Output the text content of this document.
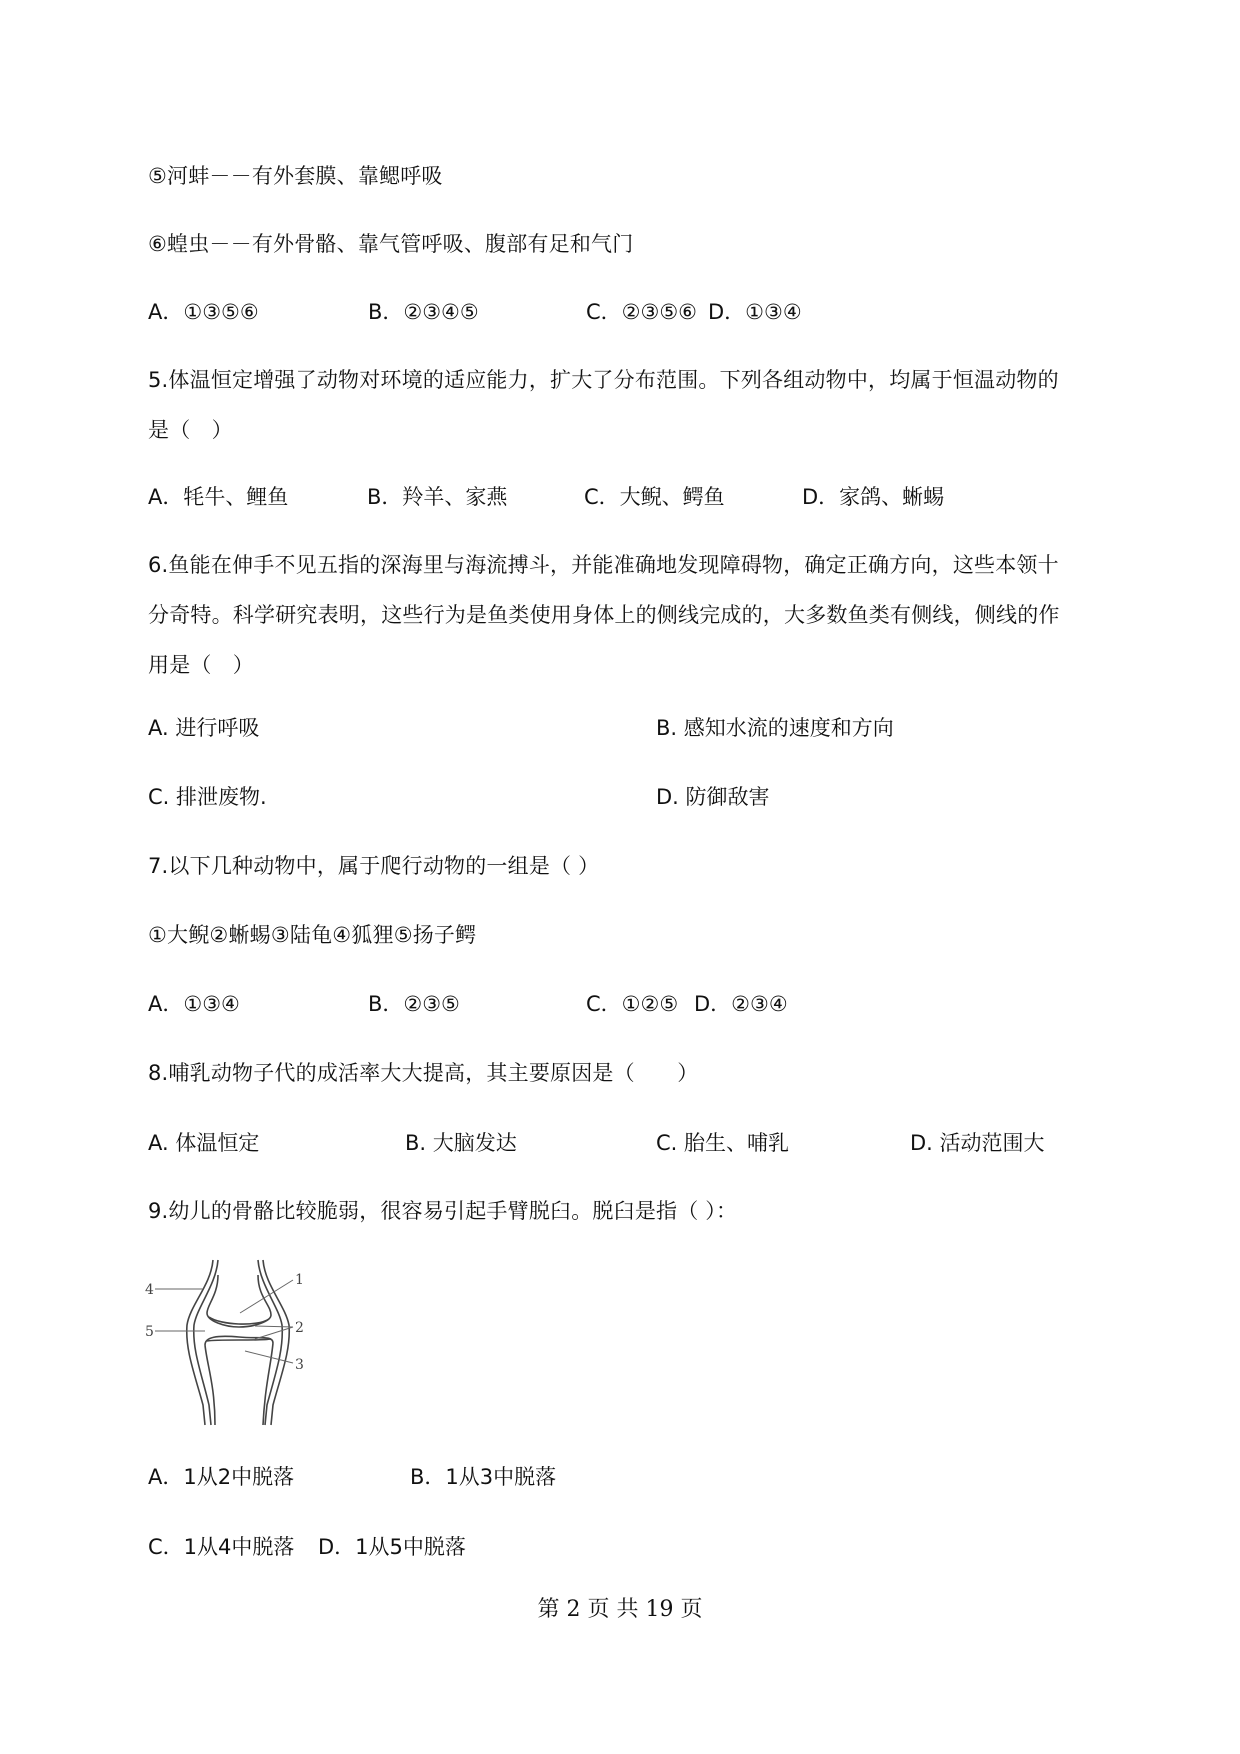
⑤河蚌－－有外套膜、靠鳃呼吸
⑥蝗虫－－有外骨骼、靠气管呼吸、腹部有足和气门
A．①③⑤⑥	B．②③④⑤	C．②③⑤⑥ D．①③④
5.体温恒定增强了动物对环境的适应能力，扩大了分布范围。下列各组动物中，均属于恒温动物的
是（　）
A．牦牛、鲤鱼	B．羚羊、家燕	C．大鲵、鳄鱼	D．家鸽、蜥蜴
6.鱼能在伸手不见五指的深海里与海流搏斗，并能准确地发现障碍物，确定正确方向，这些本领十
分奇特。科学研究表明，这些行为是鱼类使用身体上的侧线完成的，大多数鱼类有侧线，侧线的作
用是（　）
A. 进行呼吸	B. 感知水流的速度和方向
C. 排泄废物.	D. 防御敌害
7.以下几种动物中，属于爬行动物的一组是（ ）
①大鲵②蜥蜴③陆龟④狐狸⑤扬子鳄
A．①③④	B．②③⑤	C．①②⑤ D．②③④
8.哺乳动物子代的成活率大大提高，其主要原因是（　　）
A. 体温恒定	B. 大脑发达	C. 胎生、哺乳	D. 活动范围大
9.幼儿的骨骼比较脆弱，很容易引起手臂脱臼。脱臼是指（ ）：
1
2
3
4
5
A．1从2中脱落	B．1从3中脱落
C．1从4中脱落 D．1从5中脱落
第 2 页 共 19 页
